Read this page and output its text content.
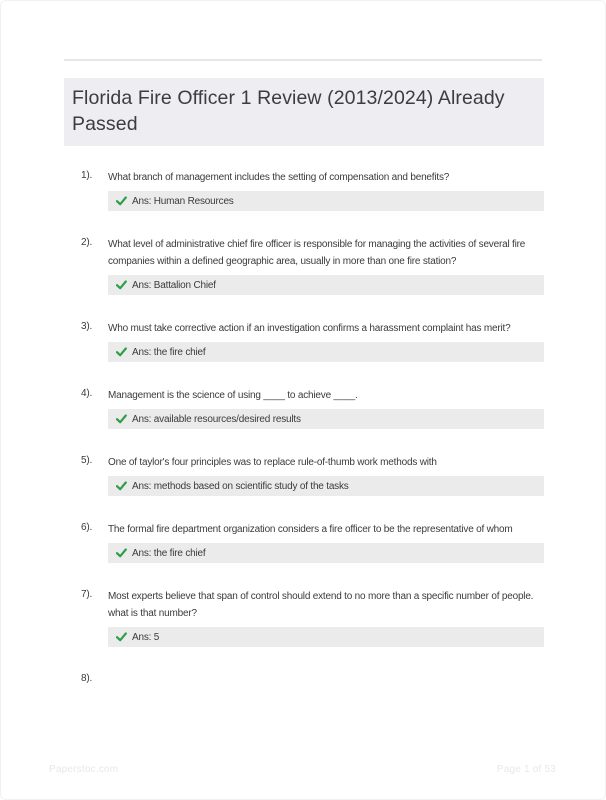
Florida Fire Officer 1 Review (2013/2024) Already Passed
1).	What branch of management includes the setting of compensation and benefits?
Ans: Human Resources
2).	What level of administrative chief fire officer is responsible for managing the activities of several fire companies within a defined geographic area, usually in more than one fire station?
Ans: Battalion Chief
3).	Who must take corrective action if an investigation confirms a harassment complaint has merit?
Ans: the fire chief
4).	Management is the science of using ____ to achieve ____.
Ans: available resources/desired results
5).	One of taylor's four principles was to replace rule-of-thumb work methods with
Ans: methods based on scientific study of the tasks
6).	The formal fire department organization considers a fire officer to be the representative of whom
Ans: the fire chief
7).	Most experts believe that span of control should extend to no more than a specific number of people. what is that number?
Ans: 5
8).
Paperstoc.com	Page 1 of 53
